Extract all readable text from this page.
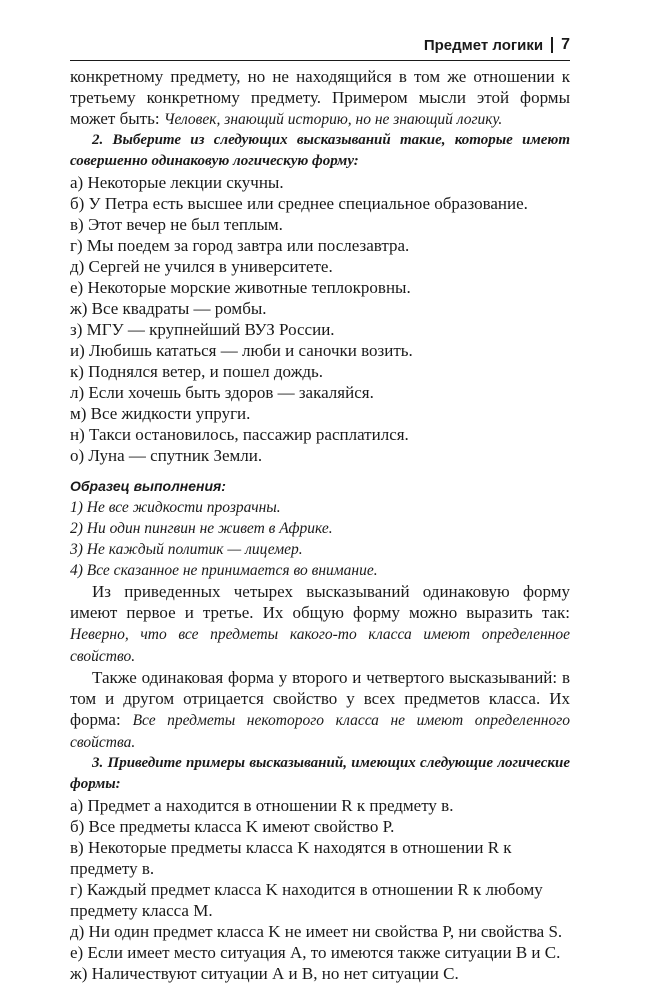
Предмет логики 7

конкретному предмету, но не находящийся в том же отношении к третьему конкретному предмету. Примером мысли этой формы может быть: Человек, знающий историю, но не знающий логику.

2. Выберите из следующих высказываний такие, которые имеют совершенно одинаковую логическую форму:

а) Некоторые лекции скучны.
б) У Петра есть высшее или среднее специальное образование.
в) Этот вечер не был теплым.
г) Мы поедем за город завтра или послезавтра.
д) Сергей не учился в университете.
е) Некоторые морские животные теплокровны.
ж) Все квадраты — ромбы.
з) МГУ — крупнейший ВУЗ России.
и) Любишь кататься — люби и саночки возить.
к) Поднялся ветер, и пошел дождь.
л) Если хочешь быть здоров — закаляйся.
м) Все жидкости упруги.
н) Такси остановилось, пассажир расплатился.
о) Луна — спутник Земли.

Образец выполнения:

1) Не все жидкости прозрачны.
2) Ни один пингвин не живет в Африке.
3) Не каждый политик — лицемер.
4) Все сказанное не принимается во внимание.

Из приведенных четырех высказываний одинаковую форму имеют первое и третье. Их общую форму можно выразить так: Неверно, что все предметы какого-то класса имеют определенное свойство.

Также одинаковая форма у второго и четвертого высказываний: в том и другом отрицается свойство у всех предметов класса. Их форма: Все предметы некоторого класса не имеют определенного свойства.

3. Приведите примеры высказываний, имеющих следующие логические формы:

а) Предмет а находится в отношении R к предмету в.
б) Все предметы класса K имеют свойство P.
в) Некоторые предметы класса K находятся в отношении R к предмету в.
г) Каждый предмет класса K находится в отношении R к любому предмету класса М.
д) Ни один предмет класса K не имеет ни свойства P, ни свойства S.
е) Если имеет место ситуация А, то имеются также ситуации В и С.
ж) Наличествуют ситуации А и В, но нет ситуации С.
